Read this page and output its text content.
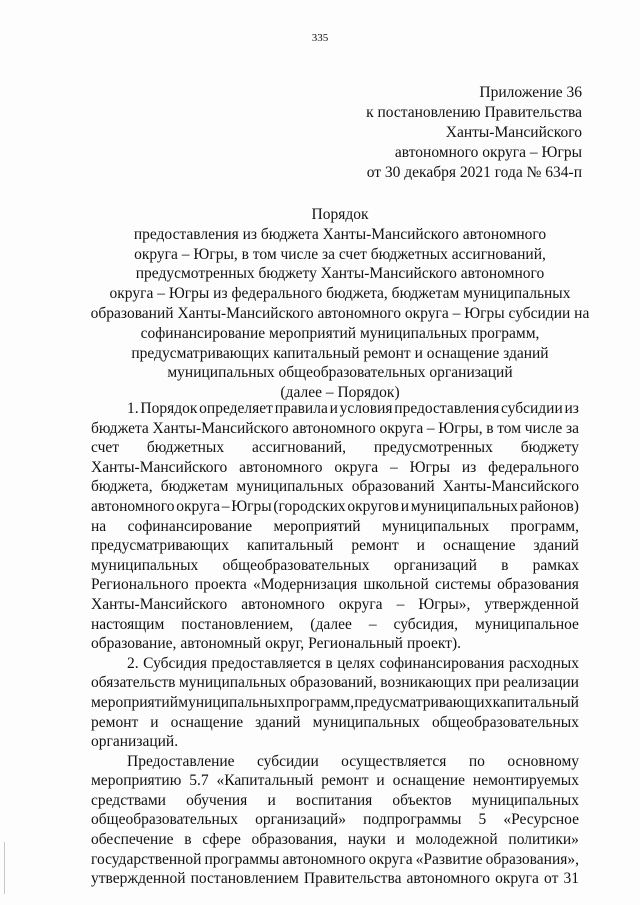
335
Приложение 36
к постановлению Правительства
Ханты-Мансийского
автономного округа – Югры
от 30 декабря 2021 года № 634-п
Порядок
предоставления из бюджета Ханты-Мансийского автономного
округа – Югры, в том числе за счет бюджетных ассигнований,
предусмотренных бюджету Ханты-Мансийского автономного
округа – Югры из федерального бюджета, бюджетам муниципальных
образований Ханты-Мансийского автономного округа – Югры субсидии на
софинансирование мероприятий муниципальных программ,
предусматривающих капитальный ремонт и оснащение зданий
муниципальных общеобразовательных организаций
(далее – Порядок)
1. Порядок определяет правила и условия предоставления субсидии из
бюджета Ханты-Мансийского автономного округа – Югры, в том числе за
счет бюджетных ассигнований, предусмотренных бюджету
Ханты-Мансийского автономного округа – Югры из федерального
бюджета, бюджетам муниципальных образований Ханты-Мансийского
автономного округа – Югры (городских округов и муниципальных районов)
на софинансирование мероприятий муниципальных программ,
предусматривающих капитальный ремонт и оснащение зданий
муниципальных общеобразовательных организаций в рамках
Регионального проекта «Модернизация школьной системы образования
Ханты-Мансийского автономного округа – Югры», утвержденной
настоящим постановлением, (далее – субсидия, муниципальное
образование, автономный округ, Региональный проект).
2. Субсидия предоставляется в целях софинансирования расходных
обязательств муниципальных образований, возникающих при реализации
мероприятий муниципальных программ, предусматривающих капитальный
ремонт и оснащение зданий муниципальных общеобразовательных
организаций.
Предоставление субсидии осуществляется по основному
мероприятию 5.7 «Капитальный ремонт и оснащение немонтируемых
средствами обучения и воспитания объектов муниципальных
общеобразовательных организаций» подпрограммы 5 «Ресурсное
обеспечение в сфере образования, науки и молодежной политики»
государственной программы автономного округа «Развитие образования»,
утвержденной постановлением Правительства автономного округа от 31
